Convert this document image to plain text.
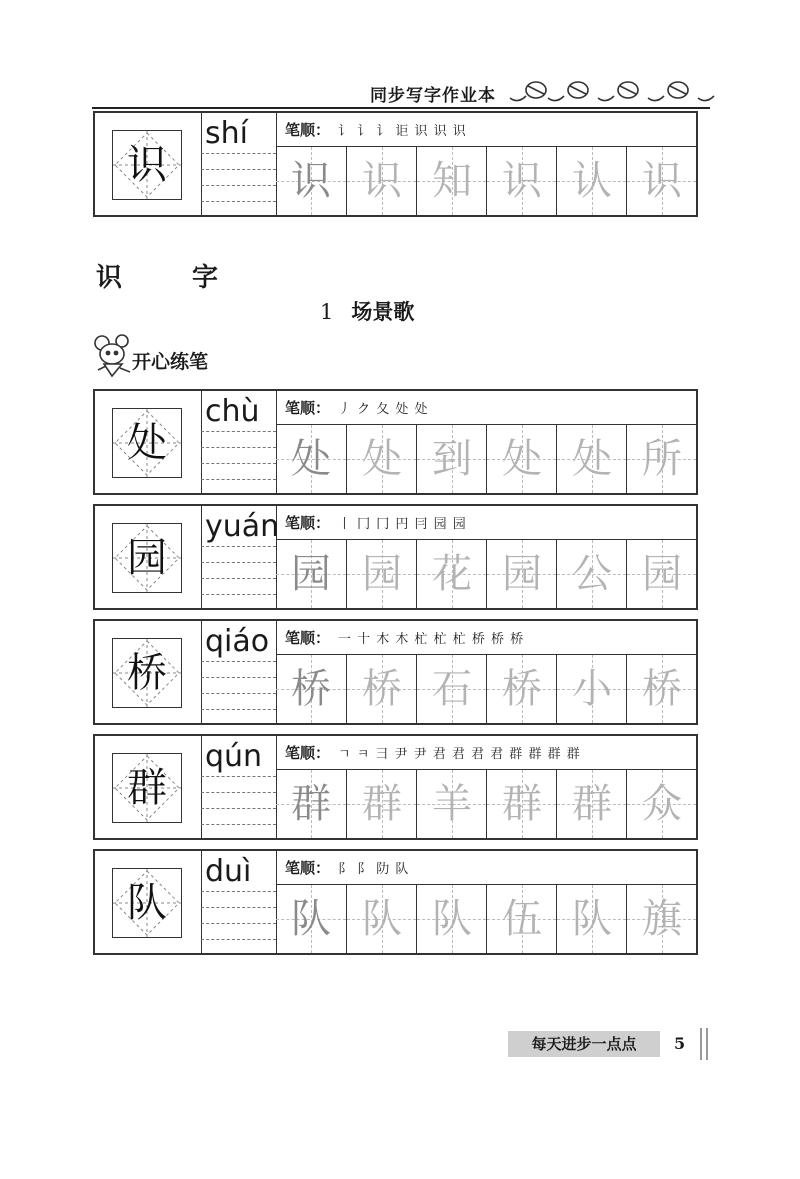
同步写字作业本
识　字
1 场景歌
开心练笔
识
shí 笔顺： 讠 讠 讠 讵 识 识 识
识 识 知 识 认 识
处
chù 笔顺： 丿 ク 夂 处 处
处 处 到 处 处 所
园
yuán 笔顺： 丨 冂 冂 円 冃 园 园
园 园 花 园 公 园
桥
qiáo 笔顺： 一 十 木 木 杧 杧 杧 桥 桥 桥
桥 桥 石 桥 小 桥
群
qún 笔顺： ㄱ ㅋ 彐 尹 尹 君 君 君 君 群 群 群 群
群 群 羊 群 群 众
队
duì 笔顺： 阝 阝 阞 队
队 队 队 伍 队 旗
每天进步一点点	5
